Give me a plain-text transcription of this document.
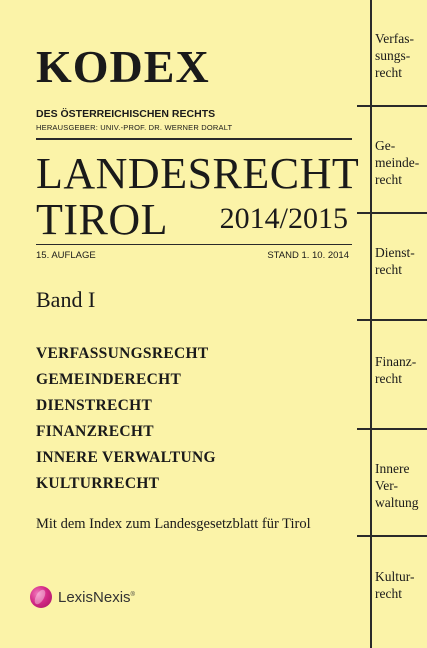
KODEX
DES ÖSTERREICHISCHEN RECHTS
HERAUSGEBER: UNIV.-PROF. DR. WERNER DORALT
LANDESRECHT
TIROL 2014/2015
15. AUFLAGE	STAND 1. 10. 2014
Band I
VERFASSUNGSRECHT
GEMEINDERECHT
DIENSTRECHT
FINANZRECHT
INNERE VERWALTUNG
KULTURRECHT
Mit dem Index zum Landesgesetzblatt für Tirol
LexisNexis®
Verfas-
sungs-
recht
Ge-
meinde-
recht
Dienst-
recht
Finanz-
recht
Innere
Ver-
waltung
Kultur-
recht
